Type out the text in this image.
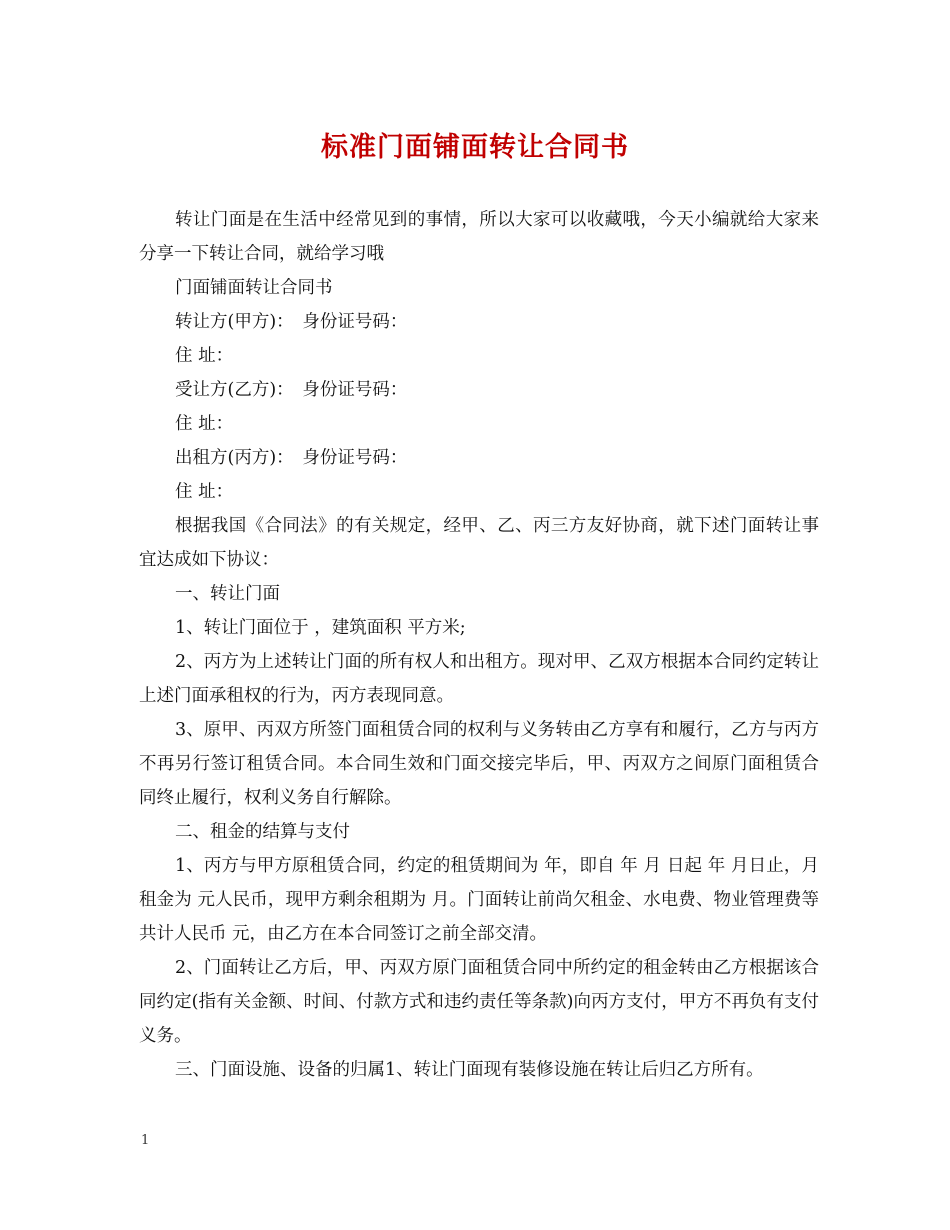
标准门面铺面转让合同书

转让门面是在生活中经常见到的事情，所以大家可以收藏哦，今天小编就给大家来分享一下转让合同，就给学习哦

门面铺面转让合同书

转让方(甲方)：　身份证号码：

住 址：

受让方(乙方)：　身份证号码：

住 址：

出租方(丙方)：　身份证号码：

住 址：

根据我国《合同法》的有关规定，经甲、乙、丙三方友好协商，就下述门面转让事宜达成如下协议：

一、转让门面

1、转让门面位于 ，建筑面积 平方米;

2、丙方为上述转让门面的所有权人和出租方。现对甲、乙双方根据本合同约定转让上述门面承租权的行为，丙方表现同意。

3、原甲、丙双方所签门面租赁合同的权利与义务转由乙方享有和履行，乙方与丙方不再另行签订租赁合同。本合同生效和门面交接完毕后，甲、丙双方之间原门面租赁合同终止履行，权利义务自行解除。

二、租金的结算与支付

1、丙方与甲方原租赁合同，约定的租赁期间为 年，即自 年 月 日起 年 月日止，月租金为 元人民币，现甲方剩余租期为 月。门面转让前尚欠租金、水电费、物业管理费等共计人民币 元，由乙方在本合同签订之前全部交清。

2、门面转让乙方后，甲、丙双方原门面租赁合同中所约定的租金转由乙方根据该合同约定(指有关金额、时间、付款方式和违约责任等条款)向丙方支付，甲方不再负有支付义务。

三、门面设施、设备的归属1、转让门面现有装修设施在转让后归乙方所有。

1
